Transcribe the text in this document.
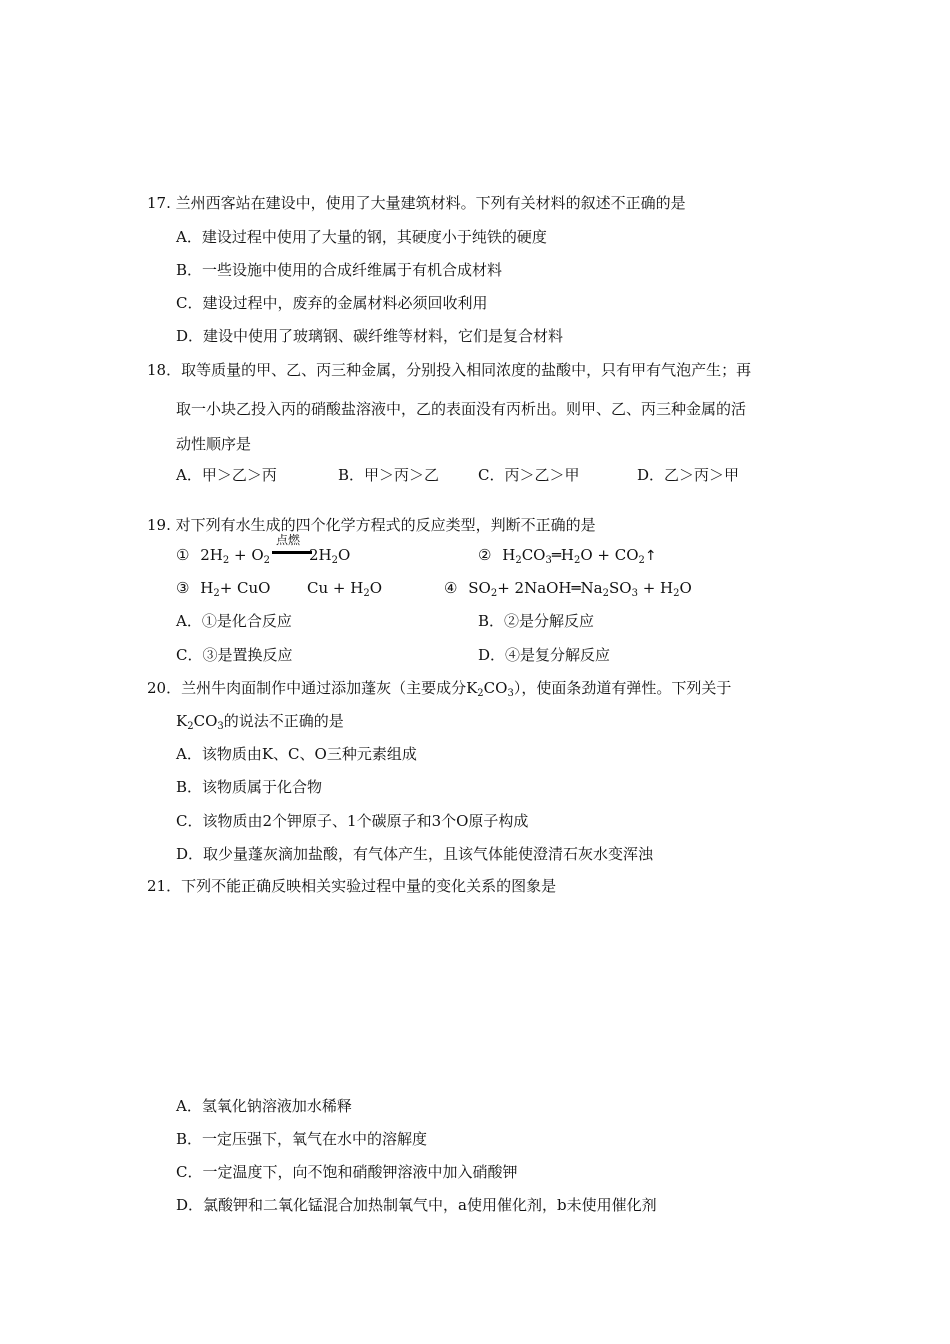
17. 兰州西客站在建设中，使用了大量建筑材料。下列有关材料的叙述不正确的是
A．建设过程中使用了大量的钢，其硬度小于纯铁的硬度
B．一些设施中使用的合成纤维属于有机合成材料
C．建设过程中，废弃的金属材料必须回收利用
D．建设中使用了玻璃钢、碳纤维等材料，它们是复合材料
18．取等质量的甲、乙、丙三种金属，分别投入相同浓度的盐酸中，只有甲有气泡产生；再
取一小块乙投入丙的硝酸盐溶液中，乙的表面没有丙析出。则甲、乙、丙三种金属的活
动性顺序是
A．甲＞乙＞丙	B．甲＞丙＞乙	C．丙＞乙＞甲	D．乙＞丙＞甲
19. 对下列有水生成的四个化学方程式的反应类型，判断不正确的是
① $2H_2 + O_2$
点燃
$2H_2O$	② $H_2CO_3═H_2O$ + $CO_2↑$
③ $H_2+$ CuO $Cu + H_2O$	④ $SO_2+$ $2NaOH═Na_2SO_3 + H_2O$
A．①是化合反应	B．②是分解反应
C．③是置换反应	D．④是复分解反应
20．兰州牛肉面制作中通过添加蓬灰（主要成分$K_2CO_3$），使面条劲道有弹性。下列关于
$K_2CO_3$的说法不正确的是
A．该物质由K、C、O三种元素组成
B．该物质属于化合物
C．该物质由2个钾原子、1个碳原子和3个O原子构成
D．取少量蓬灰滴加盐酸，有气体产生，且该气体能使澄清石灰水变浑浊
21．下列不能正确反映相关实验过程中量的变化关系的图象是
A．氢氧化钠溶液加水稀释
B．一定压强下，氧气在水中的溶解度
C．一定温度下，向不饱和硝酸钾溶液中加入硝酸钾
D．氯酸钾和二氧化锰混合加热制氧气中，a使用催化剂，b未使用催化剂
